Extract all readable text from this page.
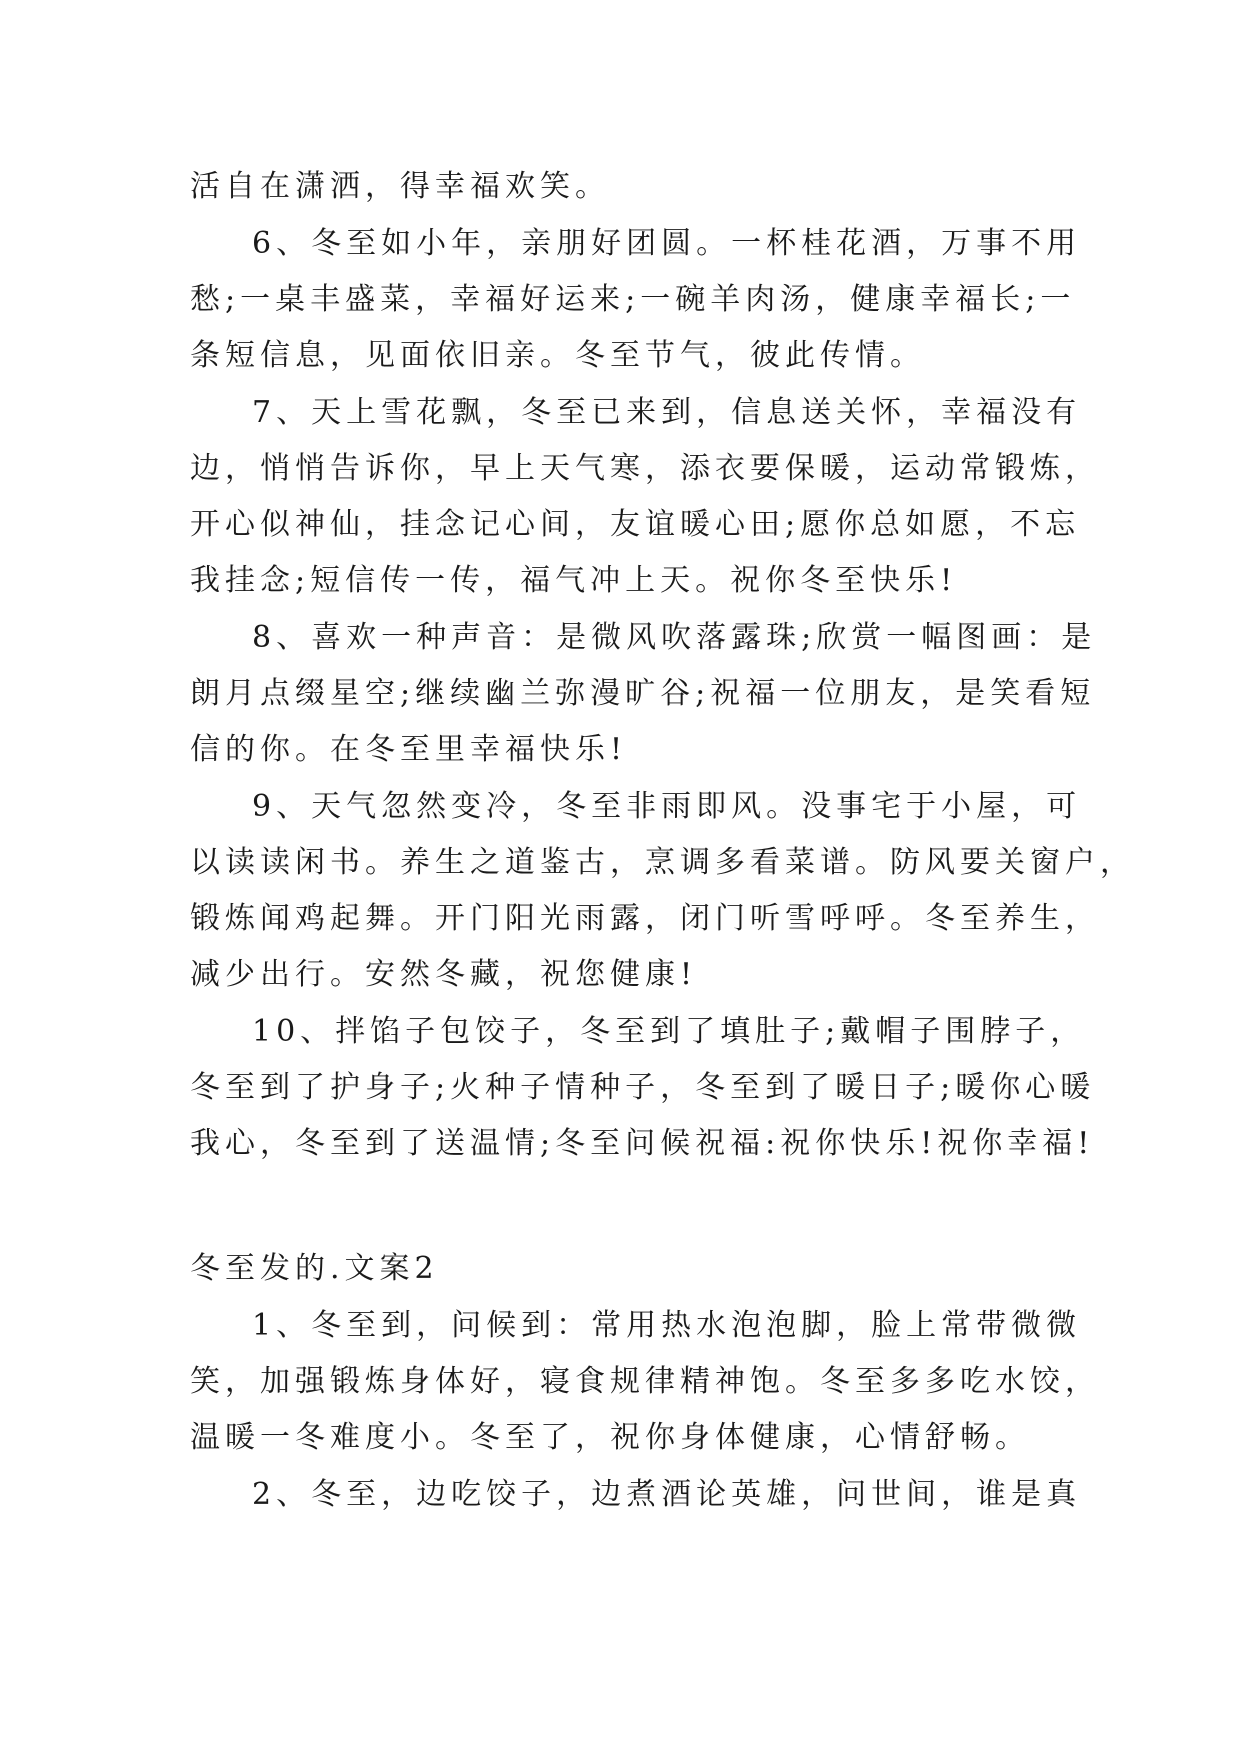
活自在潇洒，得幸福欢笑。
6、冬至如小年，亲朋好团圆。一杯桂花酒，万事不用
愁;一桌丰盛菜，幸福好运来;一碗羊肉汤，健康幸福长;一
条短信息，见面依旧亲。冬至节气，彼此传情。
7、天上雪花飘，冬至已来到，信息送关怀，幸福没有
边，悄悄告诉你，早上天气寒，添衣要保暖，运动常锻炼，
开心似神仙，挂念记心间，友谊暖心田;愿你总如愿，不忘
我挂念;短信传一传，福气冲上天。祝你冬至快乐!
8、喜欢一种声音：是微风吹落露珠;欣赏一幅图画：是
朗月点缀星空;继续幽兰弥漫旷谷;祝福一位朋友，是笑看短
信的你。在冬至里幸福快乐!
9、天气忽然变冷，冬至非雨即风。没事宅于小屋，可
以读读闲书。养生之道鉴古，烹调多看菜谱。防风要关窗户，
锻炼闻鸡起舞。开门阳光雨露，闭门听雪呼呼。冬至养生，
减少出行。安然冬藏，祝您健康!
10、拌馅子包饺子，冬至到了填肚子;戴帽子围脖子，
冬至到了护身子;火种子情种子，冬至到了暖日子;暖你心暖
我心，冬至到了送温情;冬至问候祝福:祝你快乐!祝你幸福!
冬至发的.文案2
1、冬至到，问候到：常用热水泡泡脚，脸上常带微微
笑，加强锻炼身体好，寝食规律精神饱。冬至多多吃水饺，
温暖一冬难度小。冬至了，祝你身体健康，心情舒畅。
2、冬至，边吃饺子，边煮酒论英雄，问世间，谁是真
